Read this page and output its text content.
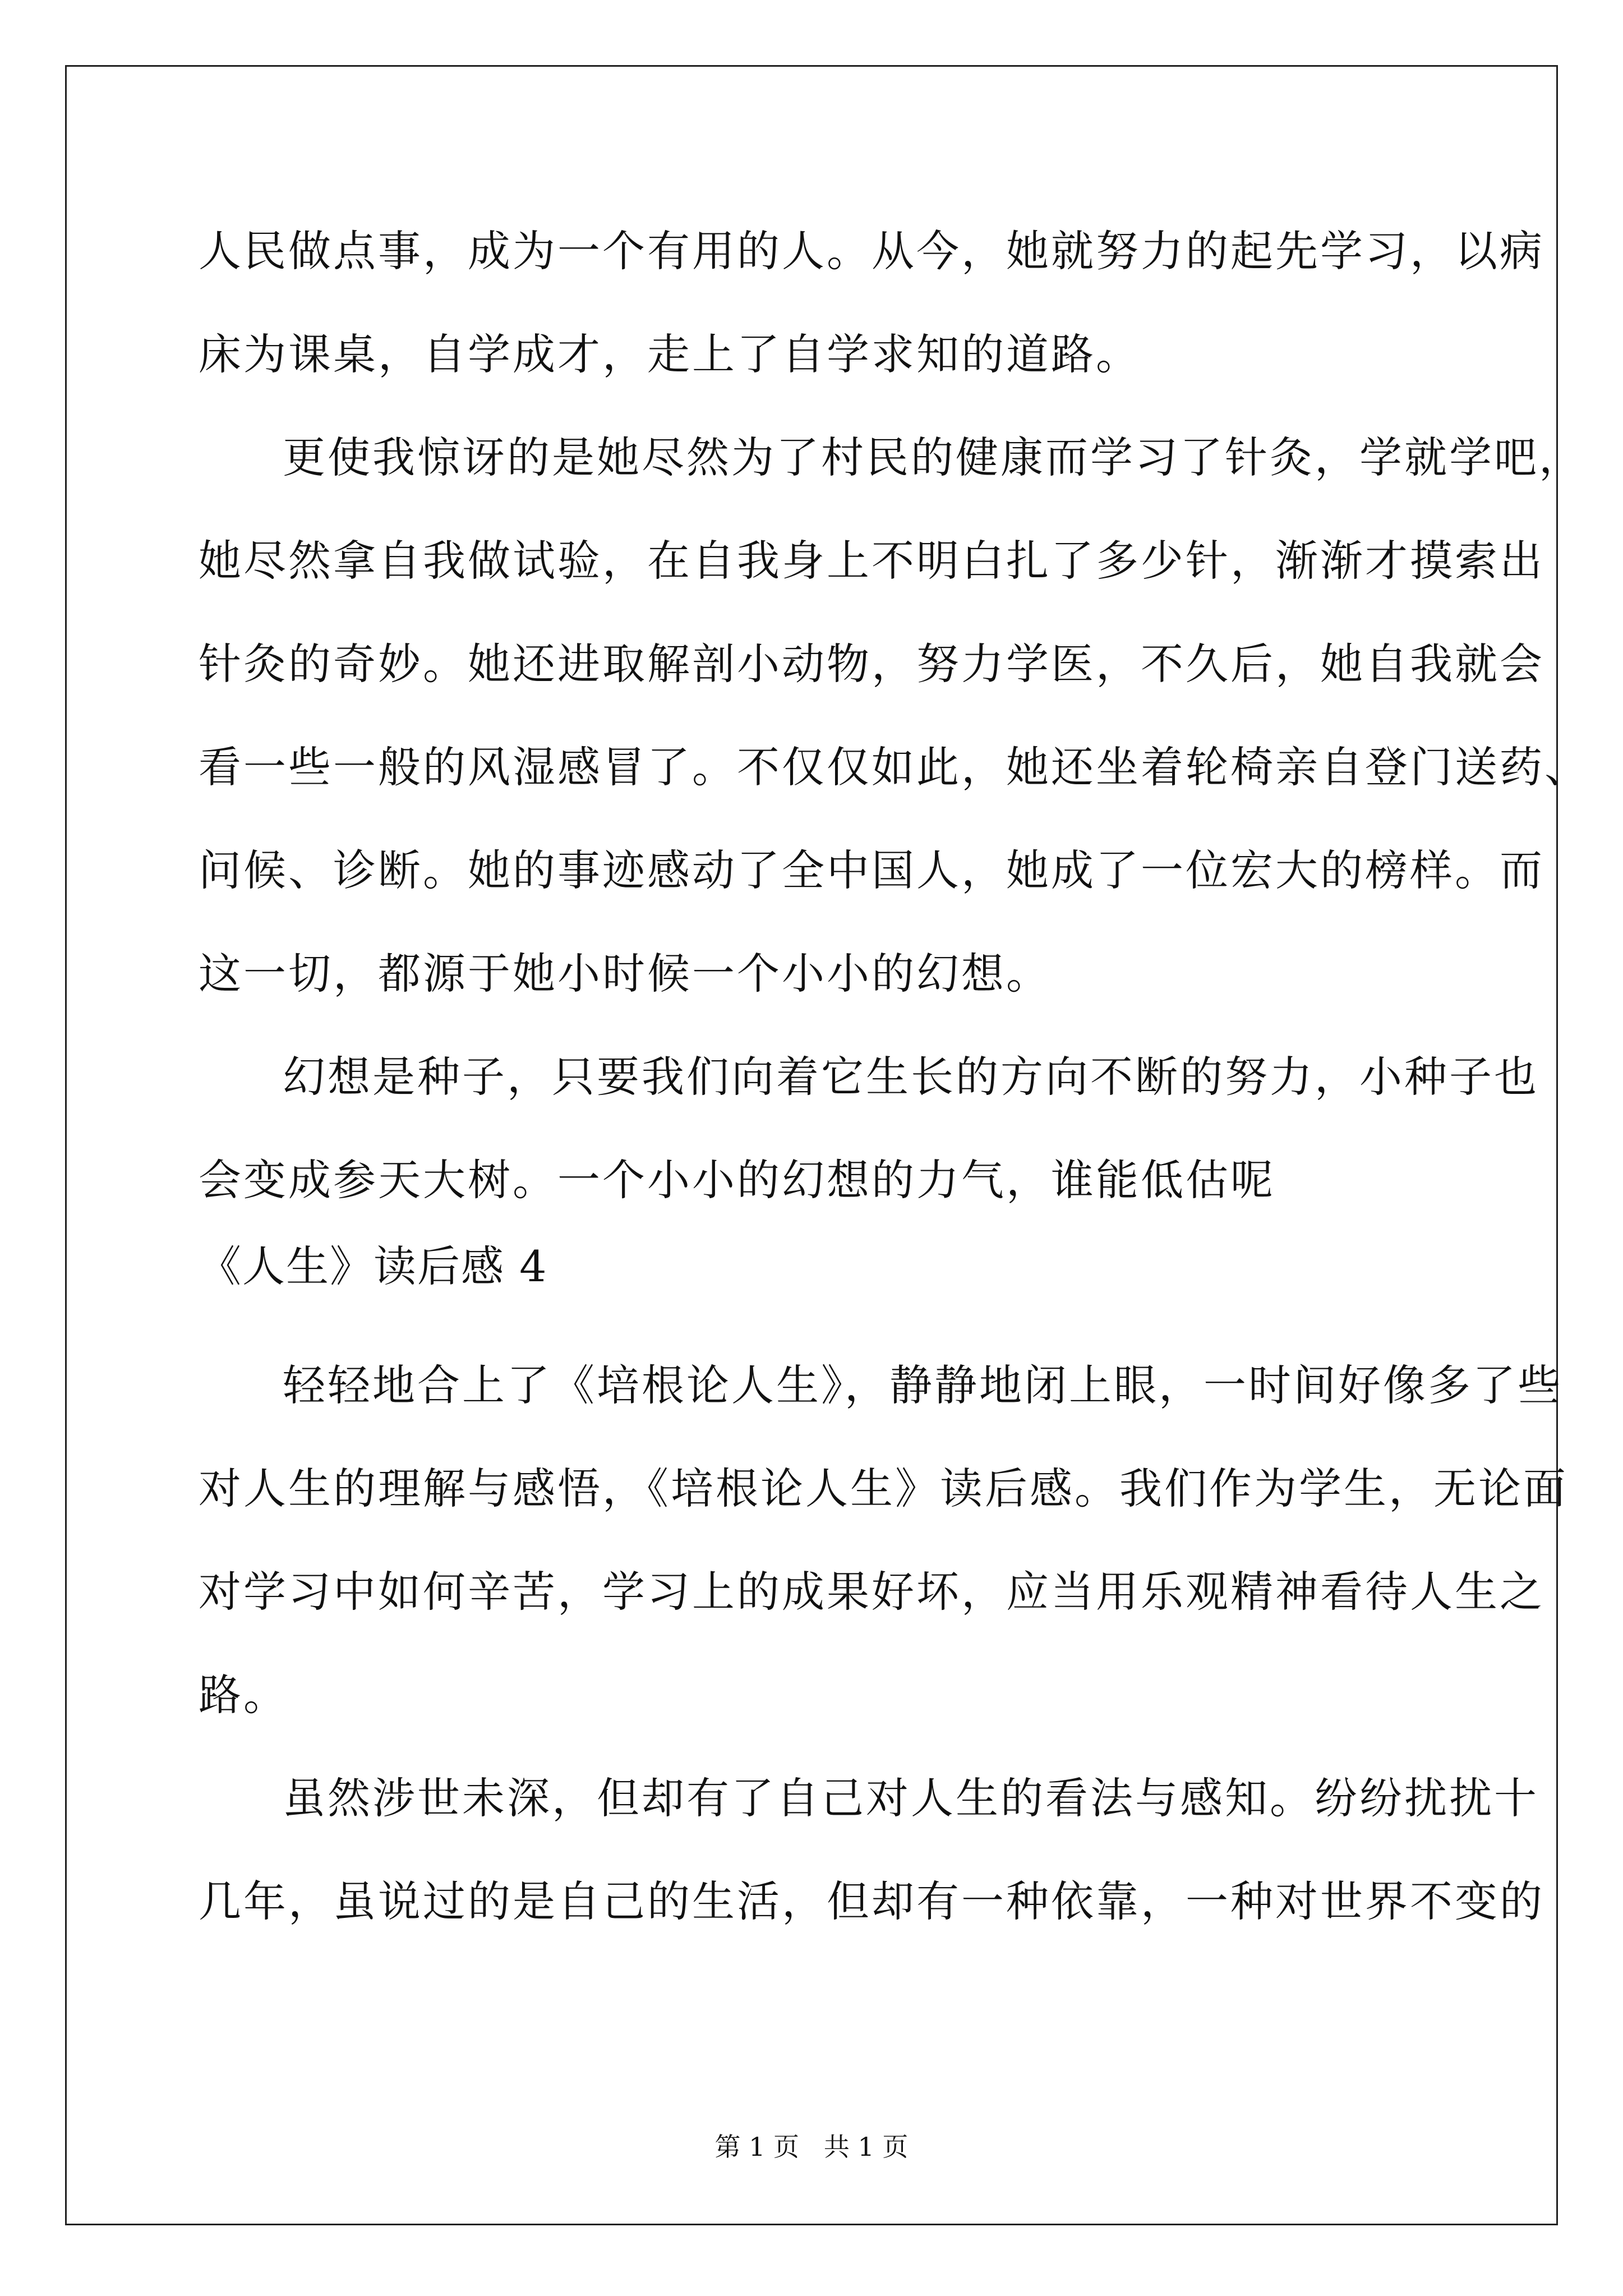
人民做点事，成为一个有用的人。从今，她就努力的起先学习，以病
床为课桌，自学成才，走上了自学求知的道路。
更使我惊讶的是她尽然为了村民的健康而学习了针灸，学就学吧，
她尽然拿自我做试验，在自我身上不明白扎了多少针，渐渐才摸索出
针灸的奇妙。她还进取解剖小动物，努力学医，不久后，她自我就会
看一些一般的风湿感冒了。不仅仅如此，她还坐着轮椅亲自登门送药、
问候、诊断。她的事迹感动了全中国人，她成了一位宏大的榜样。而
这一切，都源于她小时候一个小小的幻想。
幻想是种子，只要我们向着它生长的方向不断的努力，小种子也
会变成参天大树。一个小小的幻想的力气，谁能低估呢
《人生》读后感 4
轻轻地合上了《培根论人生》，静静地闭上眼，一时间好像多了些
对人生的理解与感悟，《培根论人生》读后感。我们作为学生，无论面
对学习中如何辛苦，学习上的成果好坏，应当用乐观精神看待人生之
路。
虽然涉世未深，但却有了自己对人生的看法与感知。纷纷扰扰十
几年，虽说过的是自己的生活，但却有一种依靠，一种对世界不变的
第 1 页   共 1 页
